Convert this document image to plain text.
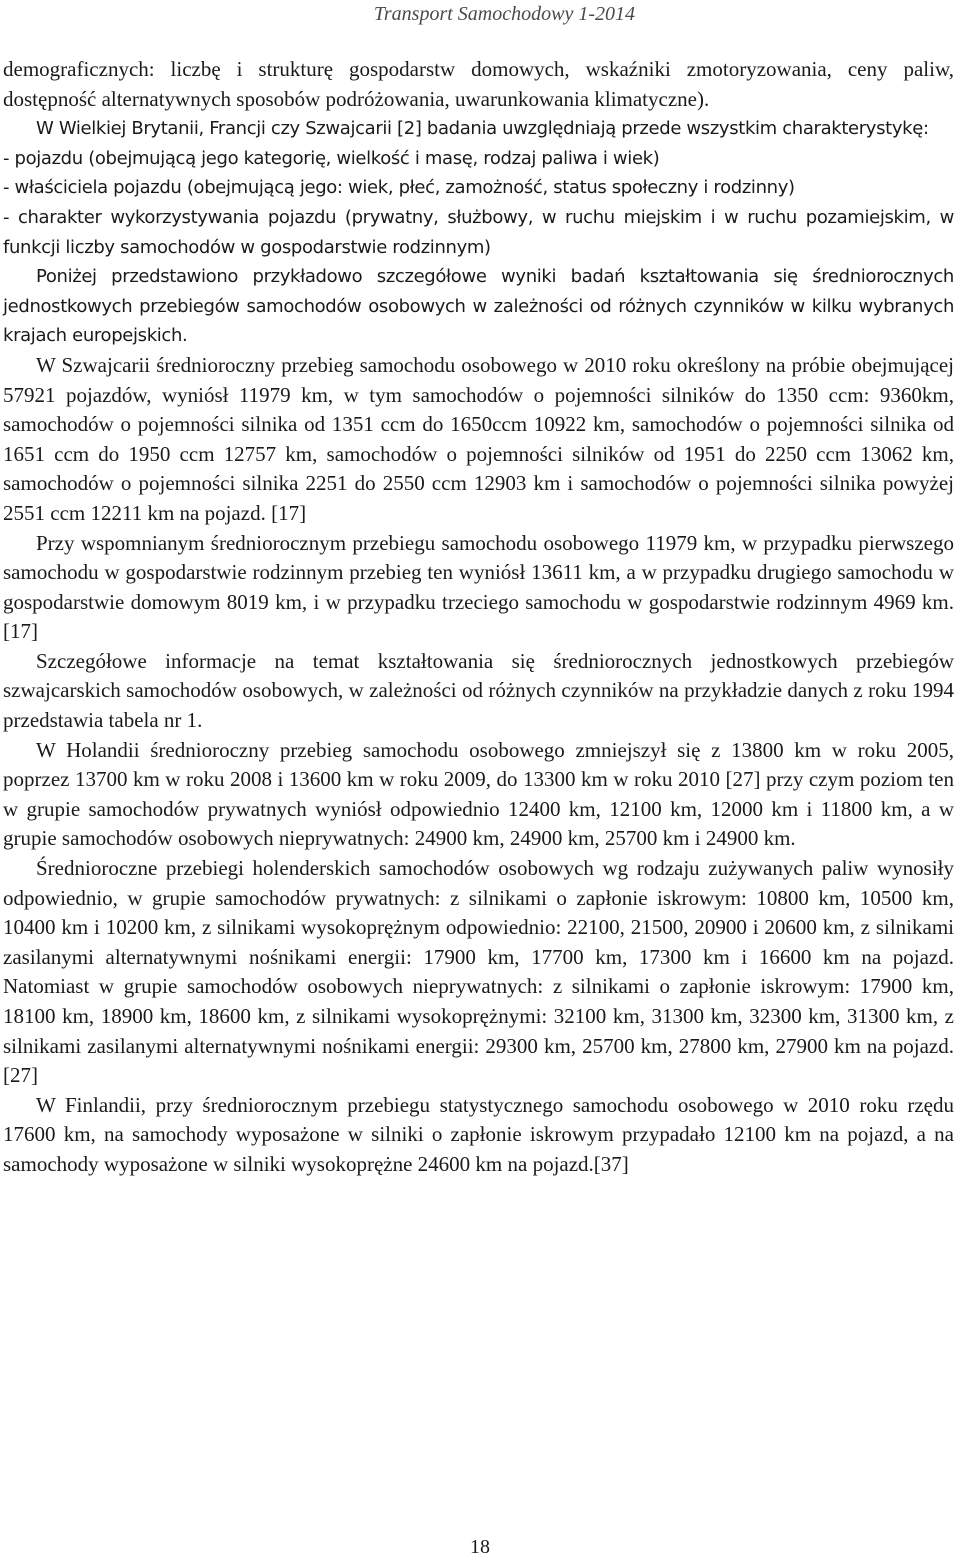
Transport Samochodowy 1-2014

demograficznych: liczbę i strukturę gospodarstw domowych, wskaźniki zmotoryzowania, ceny paliw, dostępność alternatywnych sposobów podróżowania, uwarunkowania klimatyczne).

W Wielkiej Brytanii, Francji czy Szwajcarii [2] badania uwzględniają przede wszystkim charakterystykę:

- pojazdu (obejmującą jego kategorię, wielkość i masę, rodzaj paliwa i wiek)

- właściciela pojazdu (obejmującą jego: wiek, płeć, zamożność, status społeczny i rodzinny)

- charakter wykorzystywania pojazdu (prywatny, służbowy, w ruchu miejskim i w ruchu pozamiejskim, w funkcji liczby samochodów w gospodarstwie rodzinnym)

Poniżej przedstawiono przykładowo szczegółowe wyniki badań kształtowania się średniorocznych jednostkowych przebiegów samochodów osobowych w zależności od różnych czynników w kilku wybranych krajach europejskich.

W Szwajcarii średnioroczny przebieg samochodu osobowego w 2010 roku określony na próbie obejmującej 57921 pojazdów, wyniósł 11979 km, w tym samochodów o pojemności silników do 1350 ccm: 9360km, samochodów o pojemności silnika od 1351 ccm do 1650ccm 10922 km, samochodów o pojemności silnika od 1651 ccm do 1950 ccm 12757 km, samochodów o pojemności silników od 1951 do 2250 ccm 13062 km, samochodów o pojemności silnika 2251 do 2550 ccm 12903 km i samochodów o pojemności silnika powyżej 2551 ccm 12211 km na pojazd. [17]

Przy wspomnianym średniorocznym przebiegu samochodu osobowego 11979 km, w przypadku pierwszego samochodu w gospodarstwie rodzinnym przebieg ten wyniósł 13611 km, a w przypadku drugiego samochodu w gospodarstwie domowym 8019 km, i w przypadku trzeciego samochodu w gospodarstwie rodzinnym 4969 km. [17]

Szczegółowe informacje na temat kształtowania się średniorocznych jednostkowych przebiegów szwajcarskich samochodów osobowych, w zależności od różnych czynników na przykładzie danych z roku 1994 przedstawia tabela nr 1.

W Holandii średnioroczny przebieg samochodu osobowego zmniejszył się z 13800 km w roku 2005, poprzez 13700 km w roku 2008 i 13600 km w roku 2009, do 13300 km w roku 2010 [27] przy czym poziom ten w grupie samochodów prywatnych wyniósł odpowiednio 12400 km, 12100 km, 12000 km i 11800 km, a w grupie samochodów osobowych nieprywatnych: 24900 km, 24900 km, 25700 km i 24900 km.

Średnioroczne przebiegi holenderskich samochodów osobowych wg rodzaju zużywanych paliw wynosiły odpowiednio, w grupie samochodów prywatnych: z silnikami o zapłonie iskrowym: 10800 km, 10500 km, 10400 km i 10200 km, z silnikami wysokoprężnym odpowiednio: 22100, 21500, 20900 i 20600 km, z silnikami zasilanymi alternatywnymi nośnikami energii: 17900 km, 17700 km, 17300 km i 16600 km na pojazd. Natomiast w grupie samochodów osobowych nieprywatnych: z silnikami o zapłonie iskrowym: 17900 km, 18100 km, 18900 km, 18600 km, z silnikami wysokoprężnymi: 32100 km, 31300 km, 32300 km, 31300 km, z silnikami zasilanymi alternatywnymi nośnikami energii: 29300 km, 25700 km, 27800 km, 27900 km na pojazd. [27]

W Finlandii, przy średniorocznym przebiegu statystycznego samochodu osobowego w 2010 roku rzędu 17600 km, na samochody wyposażone w silniki o zapłonie iskrowym przypadało 12100 km na pojazd, a na samochody wyposażone w silniki wysokoprężne 24600 km na pojazd.[37]

18
